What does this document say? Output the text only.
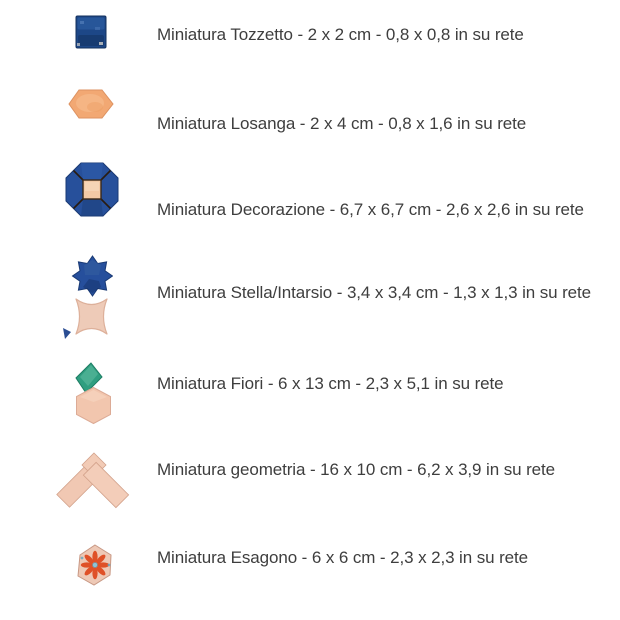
Miniatura Tozzetto - 2 x 2 cm - 0,8 x 0,8 in su rete
Miniatura Losanga - 2 x 4 cm - 0,8 x 1,6 in su rete
Miniatura Decorazione - 6,7 x 6,7 cm - 2,6 x 2,6 in su rete
Miniatura Stella/Intarsio - 3,4 x 3,4 cm - 1,3 x 1,3 in su rete
Miniatura Fiori - 6 x 13 cm - 2,3 x 5,1 in su rete
Miniatura geometria - 16 x 10 cm - 6,2 x 3,9 in su rete
Miniatura Esagono - 6 x 6 cm - 2,3 x 2,3 in su rete
